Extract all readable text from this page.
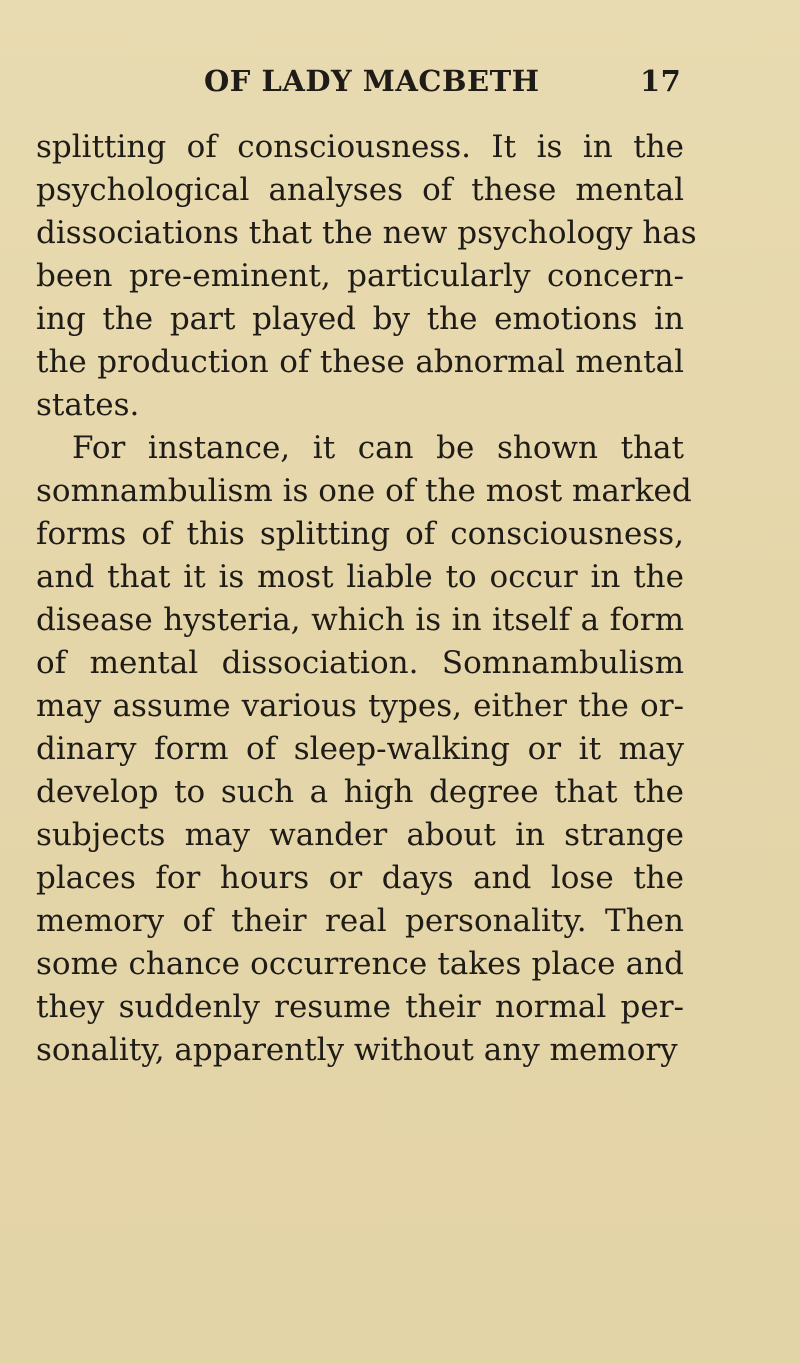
OF LADY MACBETH	17
splitting of consciousness. It is in the
psychological analyses of these mental
dissociations that the new psychology has
been pre-eminent, particularly concern-
ing the part played by the emotions in
the production of these abnormal mental
states.
For instance, it can be shown that
somnambulism is one of the most marked
forms of this splitting of consciousness,
and that it is most liable to occur in the
disease hysteria, which is in itself a form
of mental dissociation. Somnambulism
may assume various types, either the or-
dinary form of sleep-walking or it may
develop to such a high degree that the
subjects may wander about in strange
places for hours or days and lose the
memory of their real personality. Then
some chance occurrence takes place and
they suddenly resume their normal per-
sonality, apparently without any memory
